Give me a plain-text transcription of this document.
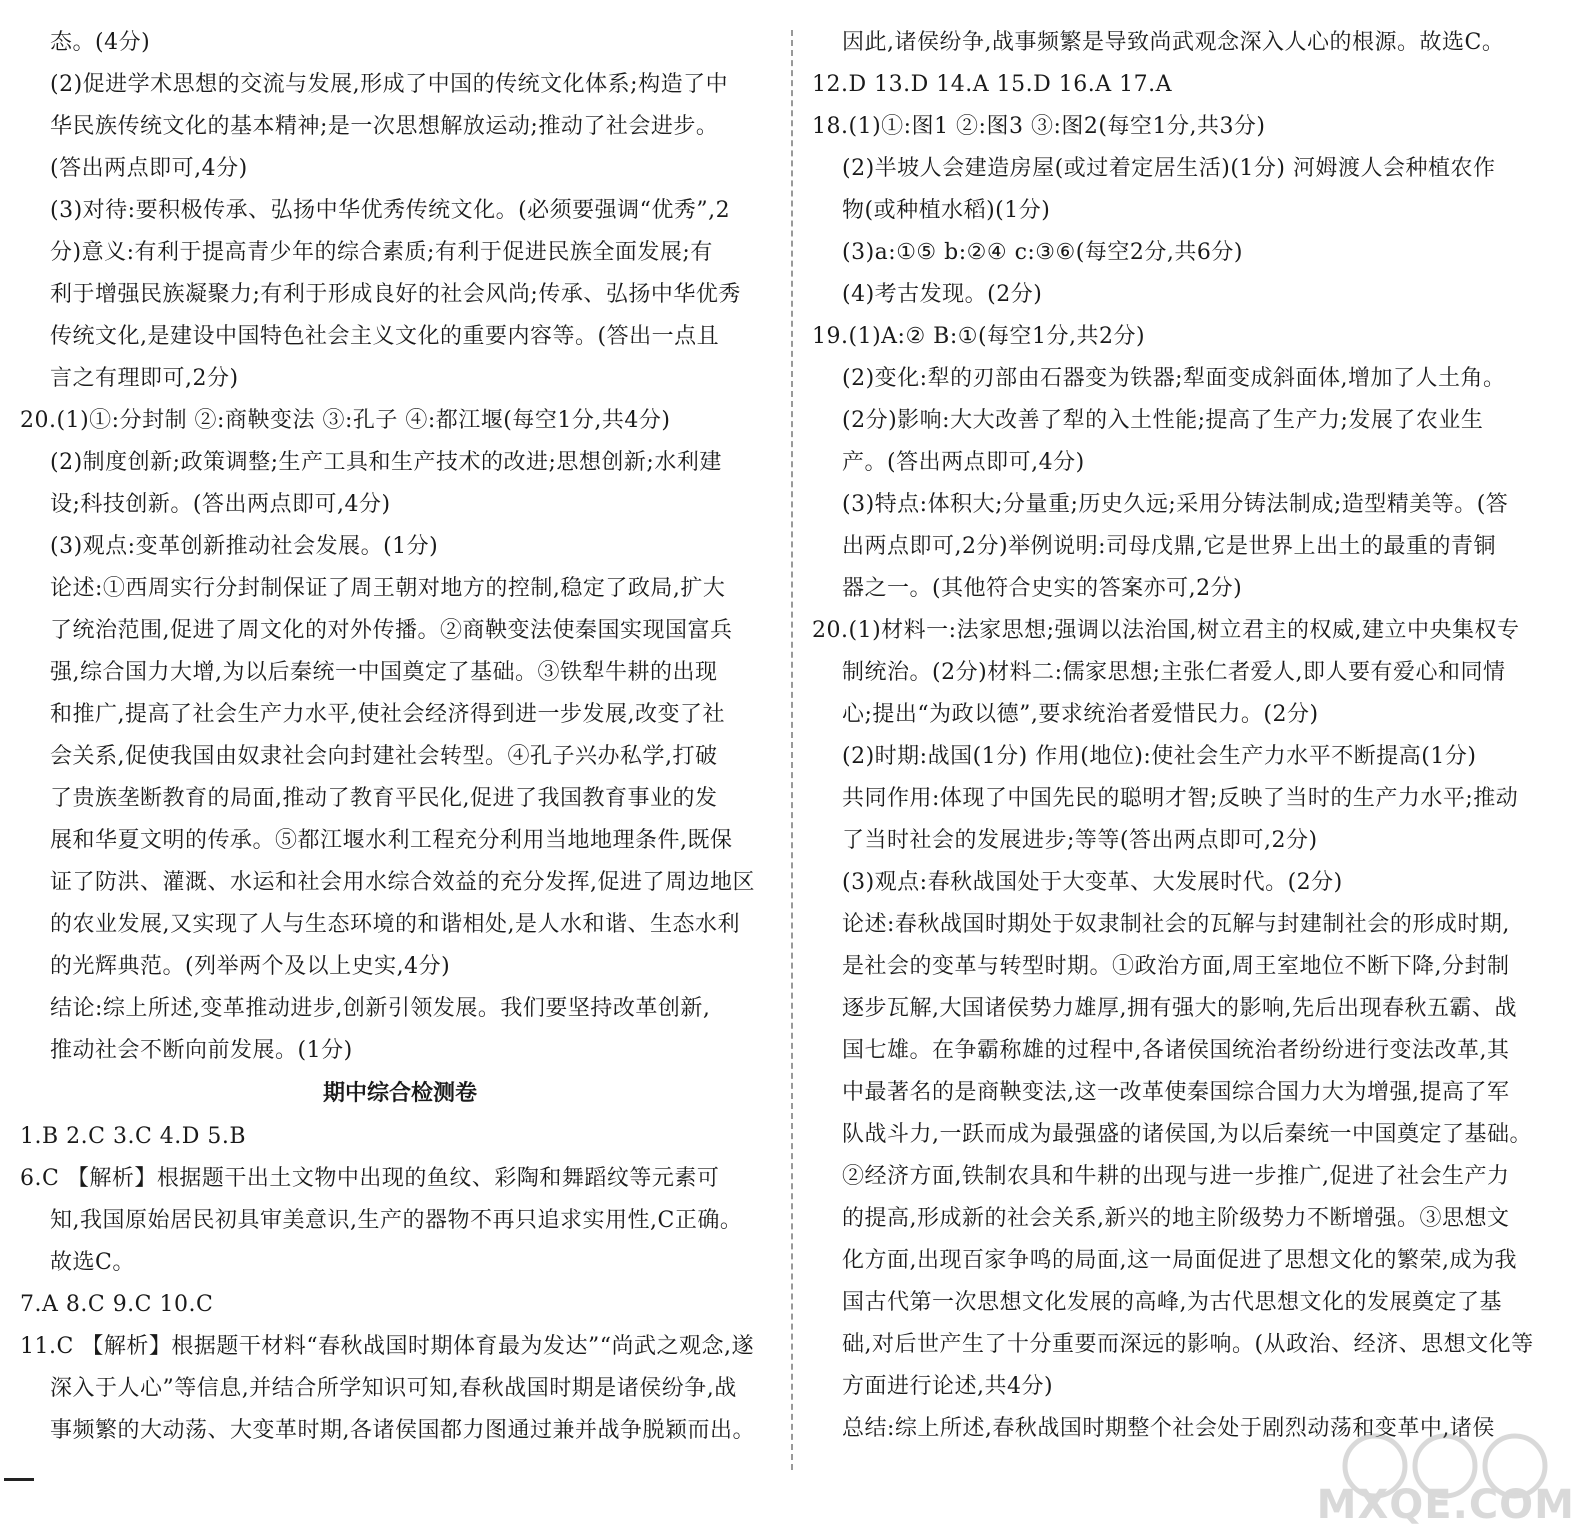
态。(4分)
(2)促进学术思想的交流与发展,形成了中国的传统文化体系;构造了中
华民族传统文化的基本精神;是一次思想解放运动;推动了社会进步。
(答出两点即可,4分)
(3)对待:要积极传承、弘扬中华优秀传统文化。(必须要强调“优秀”,2
分)意义:有利于提高青少年的综合素质;有利于促进民族全面发展;有
利于增强民族凝聚力;有利于形成良好的社会风尚;传承、弘扬中华优秀
传统文化,是建设中国特色社会主义文化的重要内容等。(答出一点且
言之有理即可,2分)
20.(1)①:分封制 ②:商鞅变法 ③:孔子 ④:都江堰(每空1分,共4分)
(2)制度创新;政策调整;生产工具和生产技术的改进;思想创新;水利建
设;科技创新。(答出两点即可,4分)
(3)观点:变革创新推动社会发展。(1分)
论述:①西周实行分封制保证了周王朝对地方的控制,稳定了政局,扩大
了统治范围,促进了周文化的对外传播。②商鞅变法使秦国实现国富兵
强,综合国力大增,为以后秦统一中国奠定了基础。③铁犁牛耕的出现
和推广,提高了社会生产力水平,使社会经济得到进一步发展,改变了社
会关系,促使我国由奴隶社会向封建社会转型。④孔子兴办私学,打破
了贵族垄断教育的局面,推动了教育平民化,促进了我国教育事业的发
展和华夏文明的传承。⑤都江堰水利工程充分利用当地地理条件,既保
证了防洪、灌溉、水运和社会用水综合效益的充分发挥,促进了周边地区
的农业发展,又实现了人与生态环境的和谐相处,是人水和谐、生态水利
的光辉典范。(列举两个及以上史实,4分)
结论:综上所述,变革推动进步,创新引领发展。我们要坚持改革创新,
推动社会不断向前发展。(1分)
期中综合检测卷
1.B 2.C 3.C 4.D 5.B
6.C 【解析】根据题干出土文物中出现的鱼纹、彩陶和舞蹈纹等元素可
知,我国原始居民初具审美意识,生产的器物不再只追求实用性,C正确。
故选C。
7.A 8.C 9.C 10.C
11.C 【解析】根据题干材料“春秋战国时期体育最为发达”“尚武之观念,遂
深入于人心”等信息,并结合所学知识可知,春秋战国时期是诸侯纷争,战
事频繁的大动荡、大变革时期,各诸侯国都力图通过兼并战争脱颖而出。
因此,诸侯纷争,战事频繁是导致尚武观念深入人心的根源。故选C。
12.D 13.D 14.A 15.D 16.A 17.A
18.(1)①:图1 ②:图3 ③:图2(每空1分,共3分)
(2)半坡人会建造房屋(或过着定居生活)(1分) 河姆渡人会种植农作
物(或种植水稻)(1分)
(3)a:①⑤ b:②④ c:③⑥(每空2分,共6分)
(4)考古发现。(2分)
19.(1)A:② B:①(每空1分,共2分)
(2)变化:犁的刃部由石器变为铁器;犁面变成斜面体,增加了人土角。
(2分)影响:大大改善了犁的入土性能;提高了生产力;发展了农业生
产。(答出两点即可,4分)
(3)特点:体积大;分量重;历史久远;采用分铸法制成;造型精美等。(答
出两点即可,2分)举例说明:司母戊鼎,它是世界上出土的最重的青铜
器之一。(其他符合史实的答案亦可,2分)
20.(1)材料一:法家思想;强调以法治国,树立君主的权威,建立中央集权专
制统治。(2分)材料二:儒家思想;主张仁者爱人,即人要有爱心和同情
心;提出“为政以德”,要求统治者爱惜民力。(2分)
(2)时期:战国(1分) 作用(地位):使社会生产力水平不断提高(1分)
共同作用:体现了中国先民的聪明才智;反映了当时的生产力水平;推动
了当时社会的发展进步;等等(答出两点即可,2分)
(3)观点:春秋战国处于大变革、大发展时代。(2分)
论述:春秋战国时期处于奴隶制社会的瓦解与封建制社会的形成时期,
是社会的变革与转型时期。①政治方面,周王室地位不断下降,分封制
逐步瓦解,大国诸侯势力雄厚,拥有强大的影响,先后出现春秋五霸、战
国七雄。在争霸称雄的过程中,各诸侯国统治者纷纷进行变法改革,其
中最著名的是商鞅变法,这一改革使秦国综合国力大为增强,提高了军
队战斗力,一跃而成为最强盛的诸侯国,为以后秦统一中国奠定了基础。
②经济方面,铁制农具和牛耕的出现与进一步推广,促进了社会生产力
的提高,形成新的社会关系,新兴的地主阶级势力不断增强。③思想文
化方面,出现百家争鸣的局面,这一局面促进了思想文化的繁荣,成为我
国古代第一次思想文化发展的高峰,为古代思想文化的发展奠定了基
础,对后世产生了十分重要而深远的影响。(从政治、经济、思想文化等
方面进行论述,共4分)
总结:综上所述,春秋战国时期整个社会处于剧烈动荡和变革中,诸侯
MXQE.COM
